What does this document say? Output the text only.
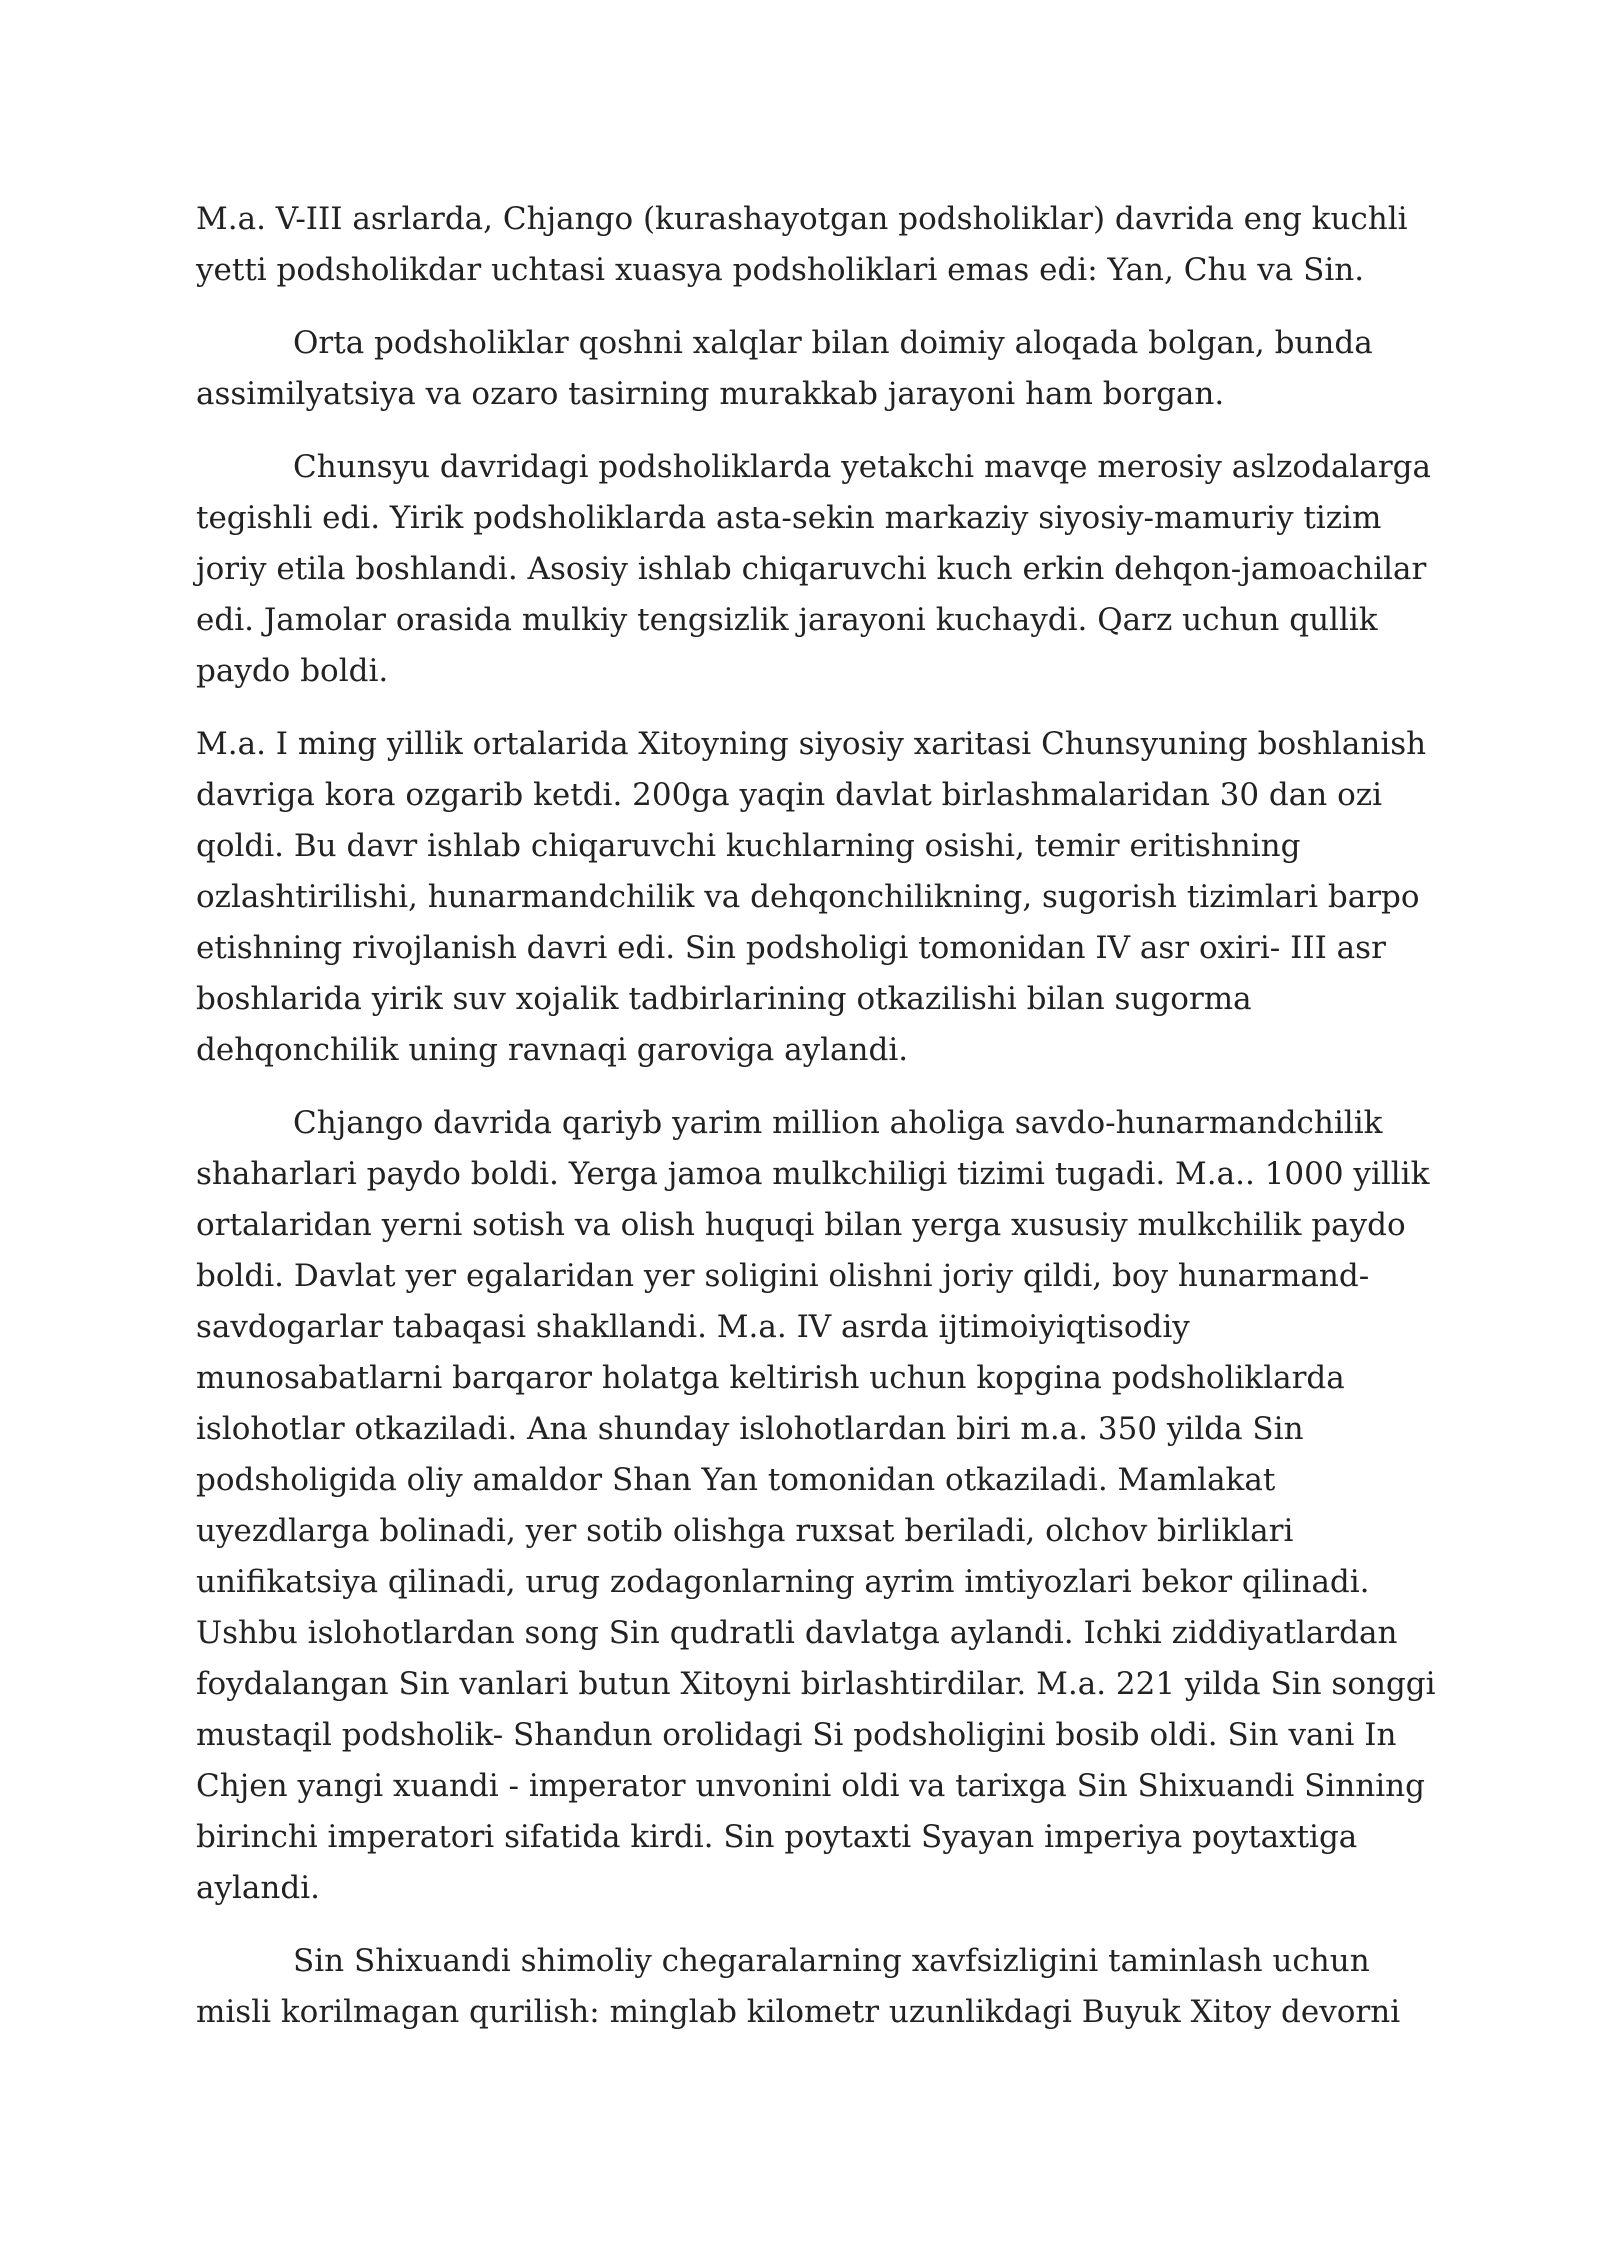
M.a. V-III asrlarda, Chjango (kurashayotgan podsholiklar) davrida eng kuchli yetti podsholikdar uchtasi xuasya podsholiklari emas edi: Yan, Chu va Sin.

Orta podsholiklar qoshni xalqlar bilan doimiy aloqada bolgan, bunda assimilyatsiya va ozaro tasirning murakkab jarayoni ham borgan.

Chunsyu davridagi podsholiklarda yetakchi mavqe merosiy aslzodalarga tegishli edi. Yirik podsholiklarda asta-sekin markaziy siyosiy-mamuriy tizim joriy etila boshlandi. Asosiy ishlab chiqaruvchi kuch erkin dehqon-jamoachilar edi. Jamolar orasida mulkiy tengsizlik jarayoni kuchaydi. Qarz uchun qullik paydo boldi.

M.a. I ming yillik ortalarida Xitoyning siyosiy xaritasi Chunsyuning boshlanish davriga kora ozgarib ketdi. 200ga yaqin davlat birlashmalaridan 30 dan ozi qoldi. Bu davr ishlab chiqaruvchi kuchlarning osishi, temir eritishning ozlashtirilishi, hunarmandchilik va dehqonchilikning, sugorish tizimlari barpo etishning rivojlanish davri edi. Sin podsholigi tomonidan IV asr oxiri- III asr boshlarida yirik suv xojalik tadbirlarining otkazilishi bilan sugorma dehqonchilik uning ravnaqi garoviga aylandi.

Chjango davrida qariyb yarim million aholiga savdo-hunarmandchilik shaharlari paydo boldi. Yerga jamoa mulkchiligi tizimi tugadi. M.a.. 1000 yillik ortalaridan yerni sotish va olish huquqi bilan yerga xususiy mulkchilik paydo boldi. Davlat yer egalaridan yer soligini olishni joriy qildi, boy hunarmand-savdogarlar tabaqasi shakllandi. M.a. IV asrda ijtimoiyiqtisodiy munosabatlarni barqaror holatga keltirish uchun kopgina podsholiklarda islohotlar otkaziladi. Ana shunday islohotlardan biri m.a. 350 yilda Sin podsholigida oliy amaldor Shan Yan tomonidan otkaziladi. Mamlakat uyezdlarga bolinadi, yer sotib olishga ruxsat beriladi, olchov birliklari unifikatsiya qilinadi, urug zodagonlarning ayrim imtiyozlari bekor qilinadi. Ushbu islohotlardan song Sin qudratli davlatga aylandi. Ichki ziddiyatlardan foydalangan Sin vanlari butun Xitoyni birlashtirdilar. M.a. 221 yilda Sin songgi mustaqil podsholik- Shandun orolidagi Si podsholigini bosib oldi. Sin vani In Chjen yangi xuandi - imperator unvonini oldi va tarixga Sin Shixuandi Sinning birinchi imperatori sifatida kirdi. Sin poytaxti Syayan imperiya poytaxtiga aylandi.

Sin Shixuandi shimoliy chegaralarning xavfsizligini taminlash uchun misli korilmagan qurilish: minglab kilometr uzunlikdagi Buyuk Xitoy devorni
